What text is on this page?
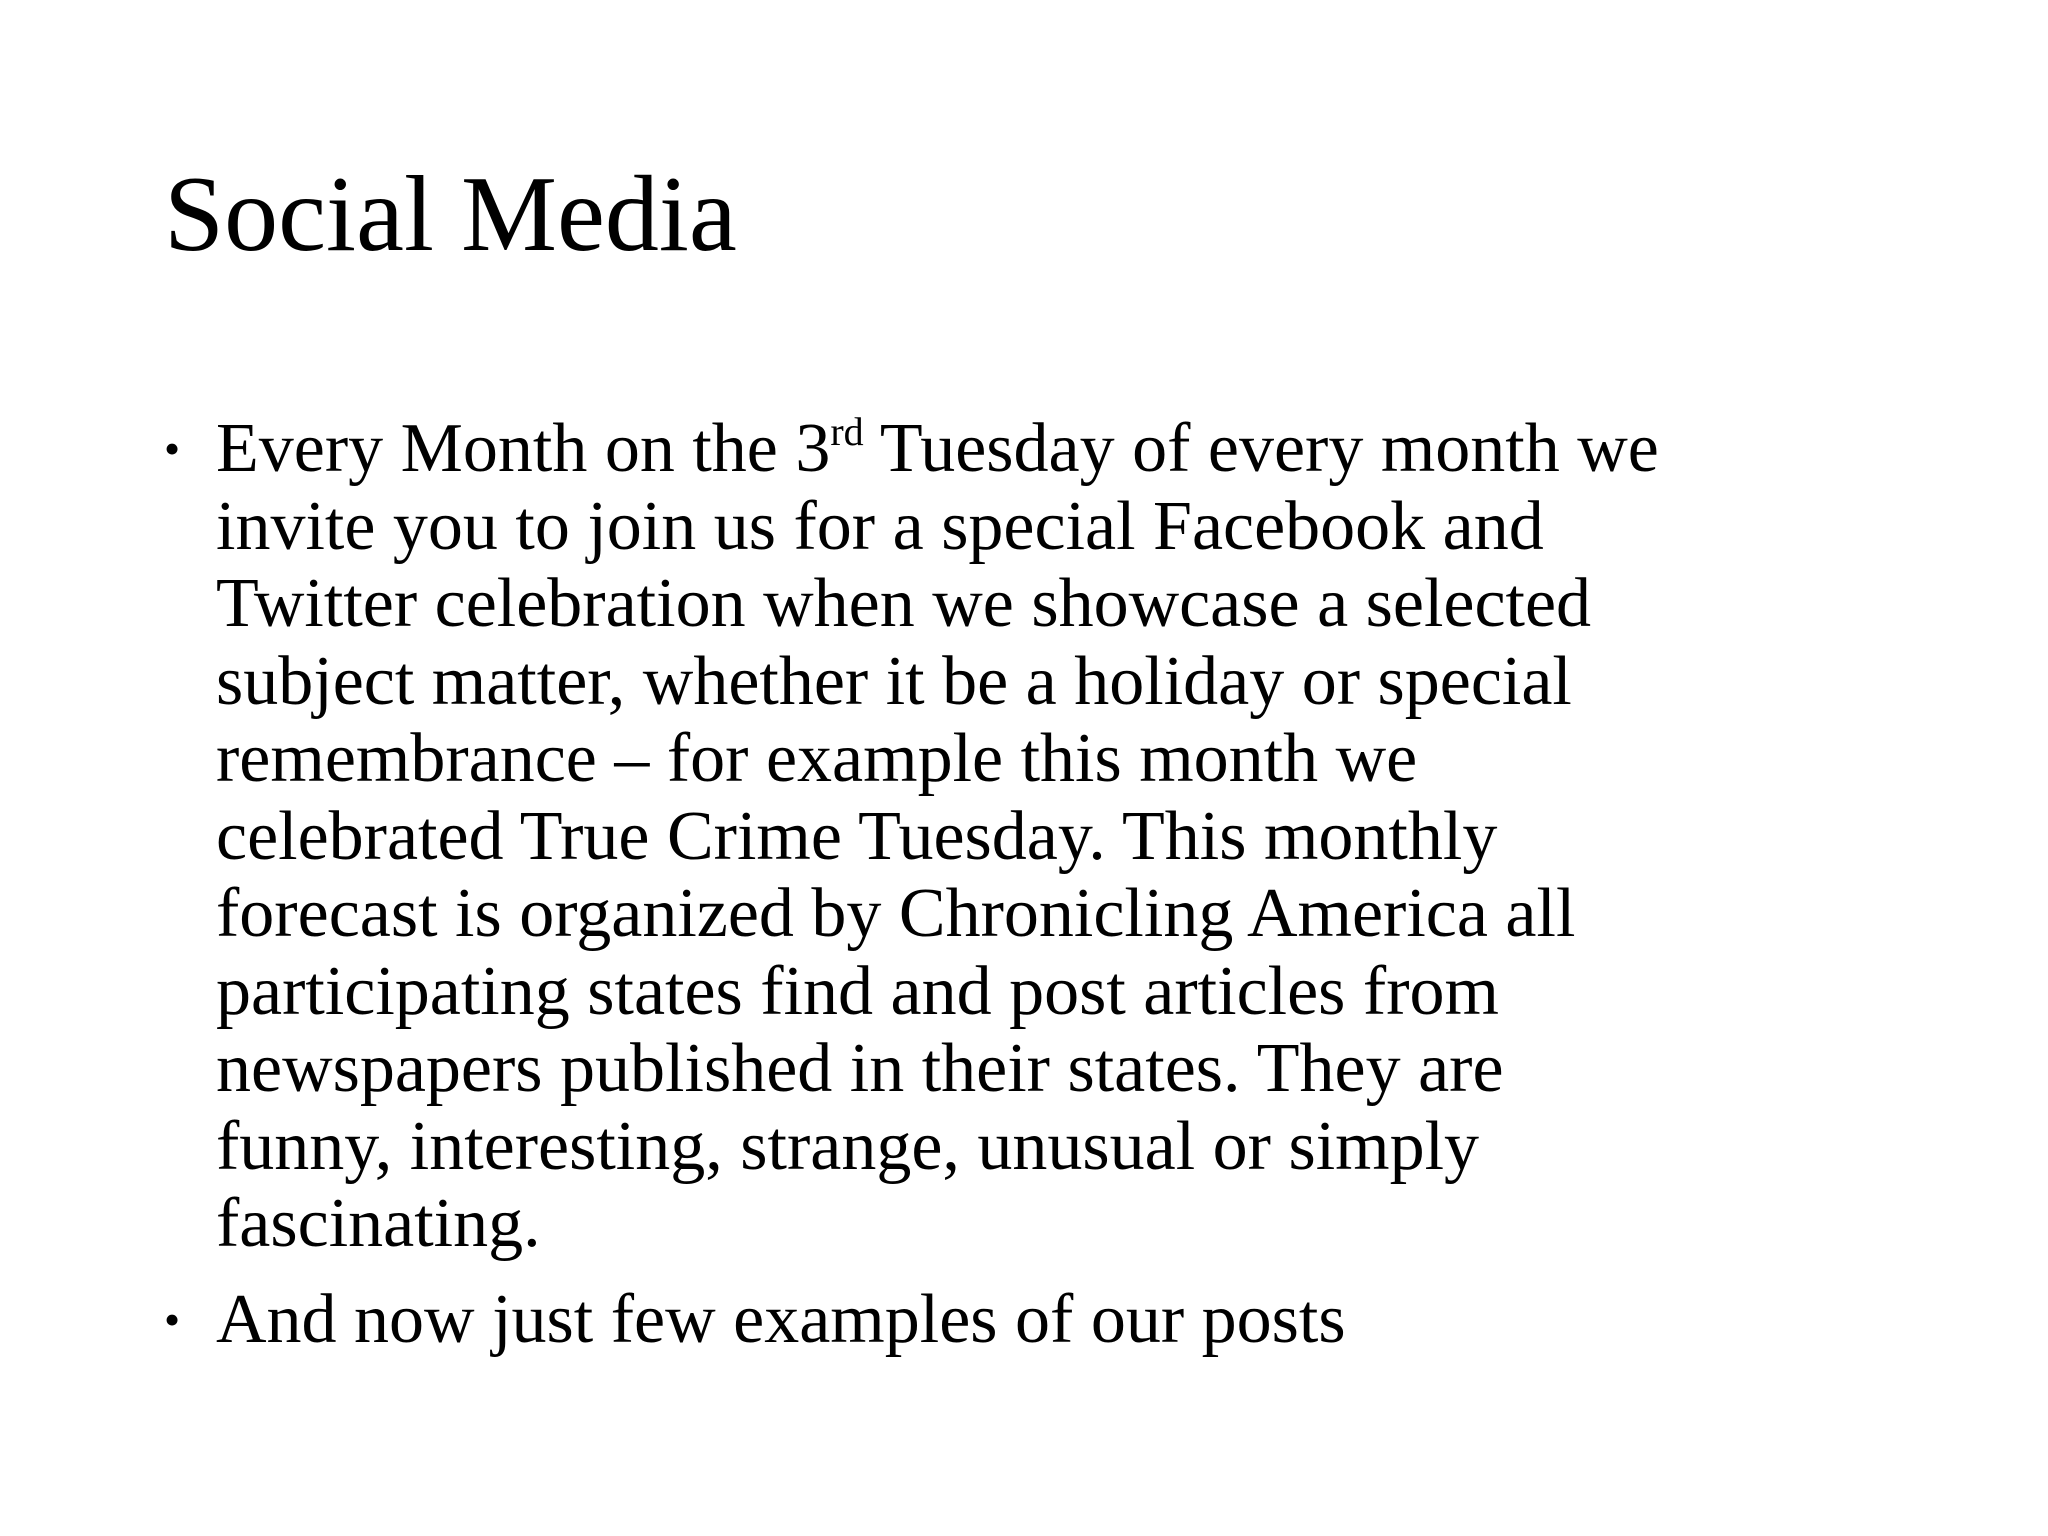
Social Media
• Every Month on the 3rd Tuesday of every month we
invite you to join us for a special Facebook and
Twitter celebration when we showcase a selected
subject matter, whether it be a holiday or special
remembrance – for example this month we
celebrated True Crime Tuesday. This monthly
forecast is organized by Chronicling America all
participating states find and post articles from
newspapers published in their states. They are
funny, interesting, strange, unusual or simply
fascinating.
• And now just few examples of our posts
